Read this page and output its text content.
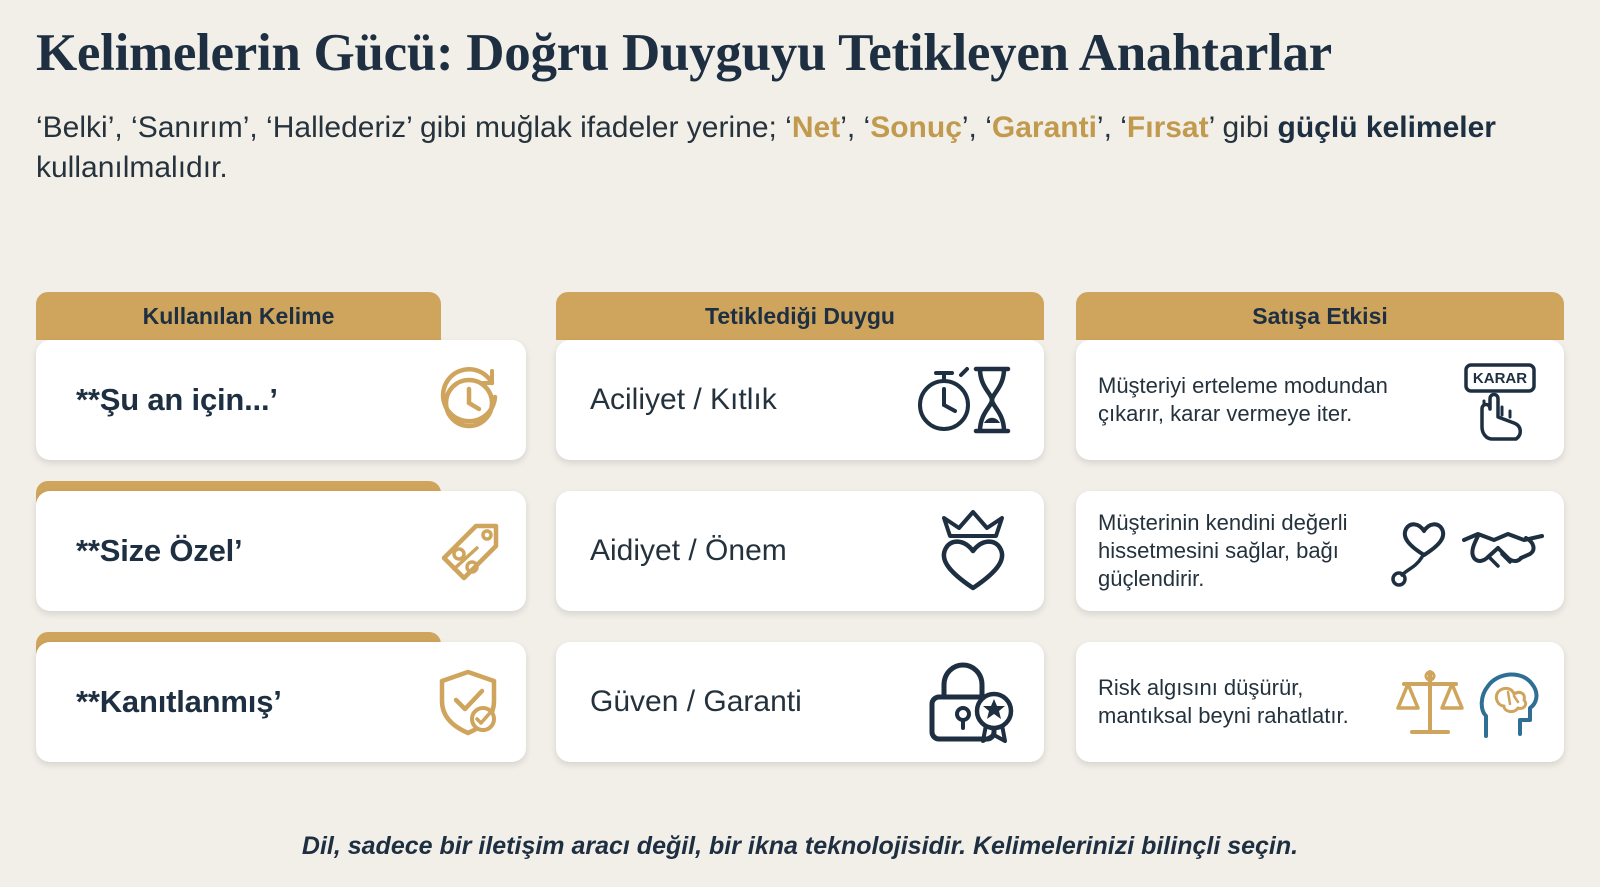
Kelimelerin Gücü: Doğru Duyguyu Tetikleyen Anahtarlar

‘Belki’, ‘Sanırım’, ‘Hallederiz’ gibi muğlak ifadeler yerine; ‘Net’, ‘Sonuç’, ‘Garanti’, ‘Fırsat’ gibi güçlü kelimeler kullanılmalıdır.

Kullanılan Kelime
**Şu an için...’
**Size Özel’
**Kanıtlanmış’
Tetiklediği Duygu
Aciliyet / Kıtlık
Aidiyet / Önem
Güven / Garanti
Satışa Etkisi
Müşteriyi erteleme modundan çıkarır, karar vermeye iter.
KARAR
Müşterinin kendini değerli hissetmesini sağlar, bağı güçlendirir.
Risk algısını düşürür, mantıksal beyni rahatlatır.
Dil, sadece bir iletişim aracı değil, bir ikna teknolojisidir. Kelimelerinizi bilinçli seçin.
